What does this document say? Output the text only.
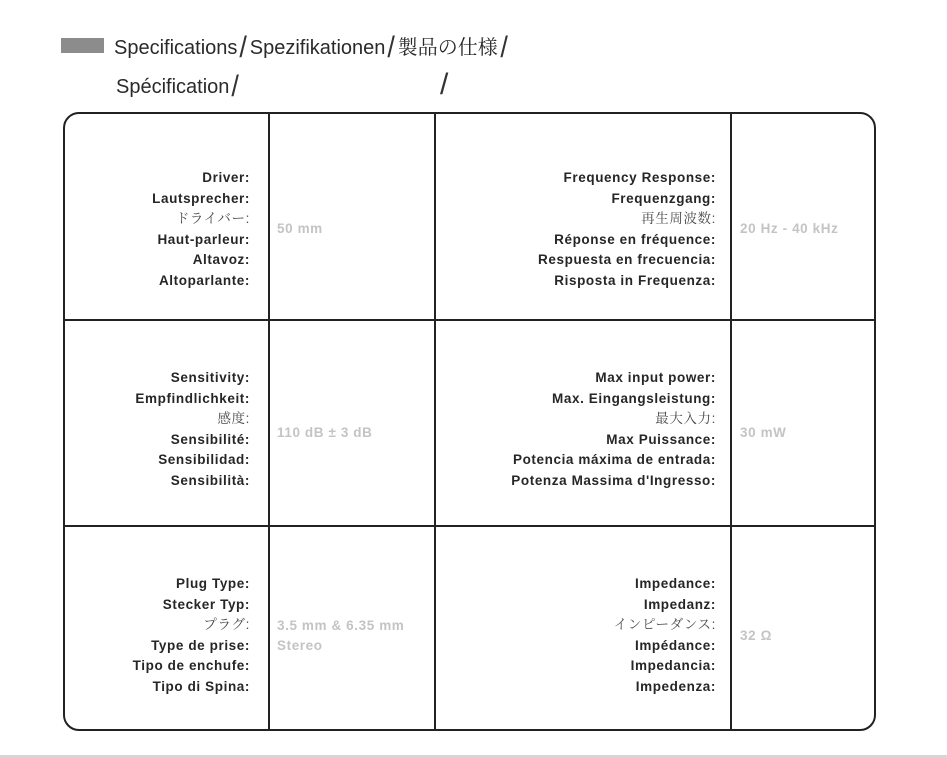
Specifications/ Spezifikationen/ 製品の仕様/
Spécification/	/
Driver:
Lautsprecher:
ドライバー:
Haut-parleur:
Altavoz:
Altoparlante:
50 mm
Frequency Response:
Frequenzgang:
再生周波数:
Réponse en fréquence:
Respuesta en frecuencia:
Risposta in Frequenza:
20 Hz - 40 kHz
Sensitivity:
Empfindlichkeit:
感度:
Sensibilité:
Sensibilidad:
Sensibilità:
110 dB ± 3 dB
Max input power:
Max. Eingangsleistung:
最大入力:
Max Puissance:
Potencia máxima de entrada:
Potenza Massima d'Ingresso:
30 mW
Plug Type:
Stecker Typ:
プラグ:
Type de prise:
Tipo de enchufe:
Tipo di Spina:
3.5 mm & 6.35 mm
Stereo
Impedance:
Impedanz:
インピーダンス:
Impédance:
Impedancia:
Impedenza:
32 Ω
